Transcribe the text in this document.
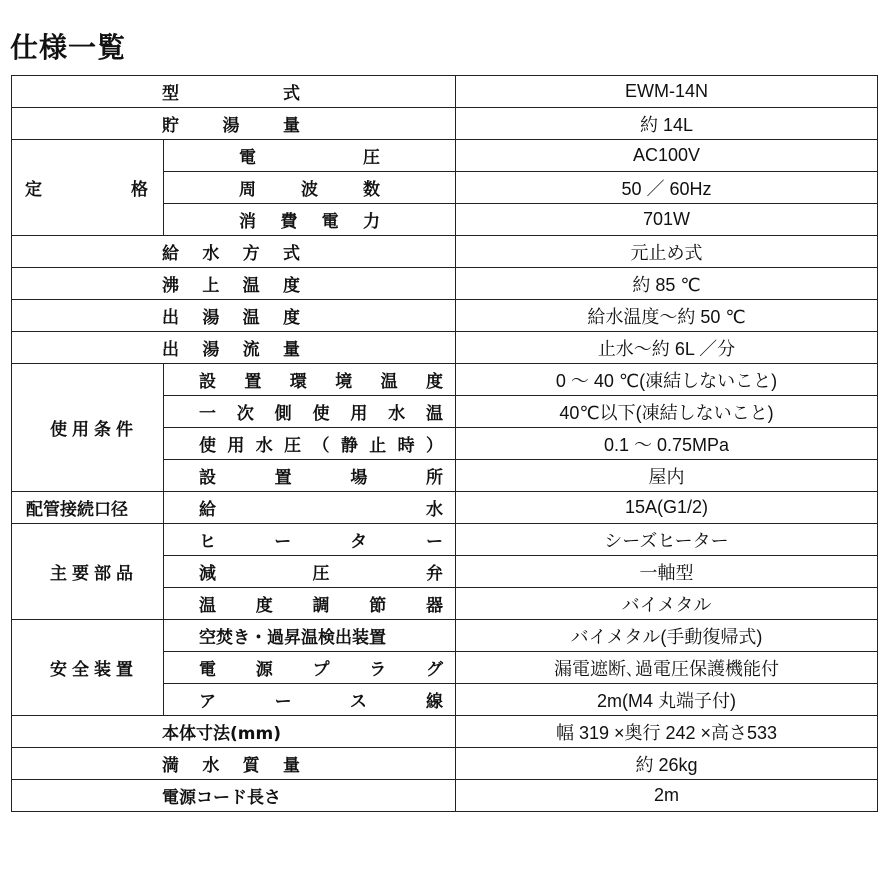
仕様一覧
型式		EWM-14N

貯湯量		約 14L

定格	電圧	AC100V

	周波数	50 ／ 60Hz

	消費電力	701W

給水方式		元止め式

沸上温度		約 85 ℃

出湯温度		給水温度～約 50 ℃

出湯流量		止水～約 6L ／分

使用条件	設置環境温度	0 ～ 40 ℃(凍結しないこと)

	一次側使用水温	40℃以下(凍結しないこと)

	使用水圧（静止時）	0.1 ～ 0.75MPa

	設置場所	屋内

配管接続口径	給水	15A(G1/2)

主要部品	ヒーター	シーズヒーター

	減圧弁	一軸型

	温度調節器	バイメタル

安全装置	空焚き・過昇温検出装置	バイメタル(手動復帰式)

	電源プラグ	漏電遮断､過電圧保護機能付

	アース線	2m(M4 丸端子付)

本体寸法(mm)		幅 319 ×奥行 242 ×高さ533

満水質量		約 26kg

電源コード長さ		2m
